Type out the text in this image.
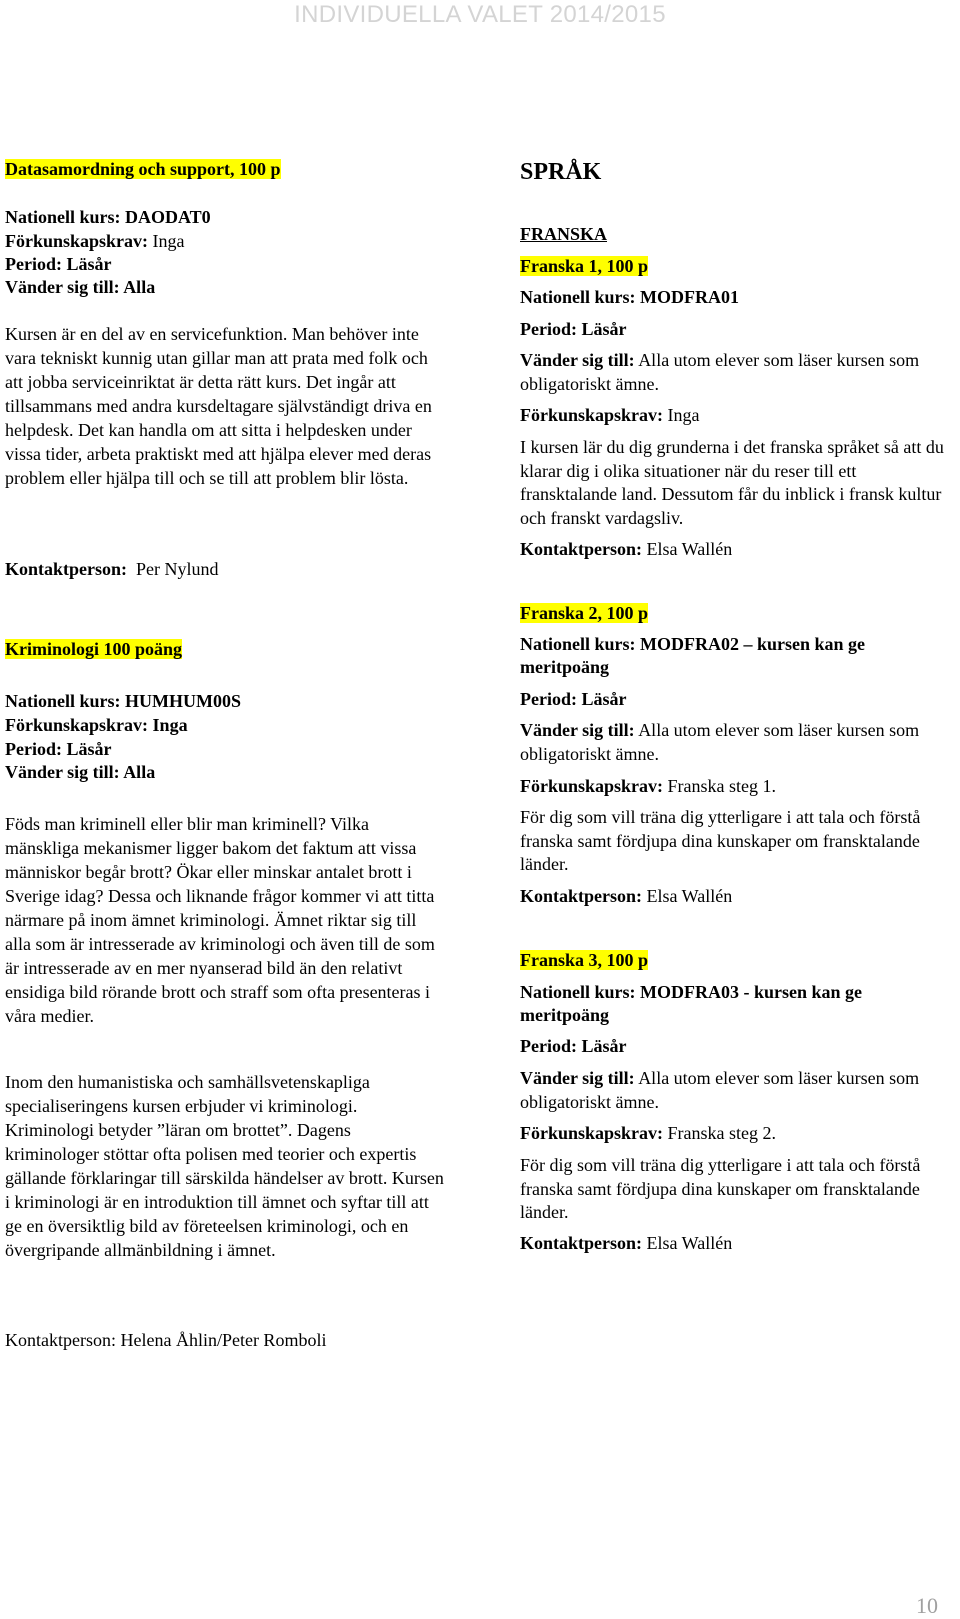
INDIVIDUELLA VALET 2014/2015
Datasamordning och support, 100 p
Nationell kurs: DAODAT0
Förkunskapskrav: Inga
Period: Läsår
Vänder sig till: Alla
Kursen är en del av en servicefunktion. Man behöver inte vara tekniskt kunnig utan gillar man att prata med folk och att jobba serviceinriktat är detta rätt kurs. Det ingår att tillsammans med andra kursdeltagare självständigt driva en helpdesk. Det kan handla om att sitta i helpdesken under vissa tider, arbeta praktiskt med att hjälpa elever med deras problem eller hjälpa till och se till att problem blir lösta.
Kontaktperson: Per Nylund
Kriminologi 100 poäng
Nationell kurs: HUMHUM00S
Förkunskapskrav: Inga
Period: Läsår
Vänder sig till: Alla
Föds man kriminell eller blir man kriminell? Vilka mänskliga mekanismer ligger bakom det faktum att vissa människor begår brott? Ökar eller minskar antalet brott i Sverige idag? Dessa och liknande frågor kommer vi att titta närmare på inom ämnet kriminologi. Ämnet riktar sig till alla som är intresserade av kriminologi och även till de som är intresserade av en mer nyanserad bild än den relativt ensidiga bild rörande brott och straff som ofta presenteras i våra medier.
Inom den humanistiska och samhällsvetenskapliga specialiseringens kursen erbjuder vi kriminologi. Kriminologi betyder ”läran om brottet”. Dagens kriminologer stöttar ofta polisen med teorier och expertis gällande förklaringar till särskilda händelser av brott. Kursen i kriminologi är en introduktion till ämnet och syftar till att ge en översiktlig bild av företeelsen kriminologi, och en övergripande allmänbildning i ämnet.
Kontaktperson: Helena Åhlin/Peter Romboli
SPRÅK
FRANSKA
Franska 1, 100 p
Nationell kurs: MODFRA01
Period: Läsår
Vänder sig till: Alla utom elever som läser kursen som obligatoriskt ämne.
Förkunskapskrav: Inga
I kursen lär du dig grunderna i det franska språket så att du klarar dig i olika situationer när du reser till ett fransktalande land. Dessutom får du inblick i fransk kultur och franskt vardagsliv.
Kontaktperson: Elsa Wallén
Franska 2, 100 p
Nationell kurs: MODFRA02 – kursen kan ge
meritpoäng
Period: Läsår
Vänder sig till: Alla utom elever som läser kursen som obligatoriskt ämne.
Förkunskapskrav: Franska steg 1.
För dig som vill träna dig ytterligare i att tala och förstå franska samt fördjupa dina kunskaper om fransktalande länder.
Kontaktperson: Elsa Wallén
Franska 3, 100 p
Nationell kurs: MODFRA03 - kursen kan ge
meritpoäng
Period: Läsår
Vänder sig till: Alla utom elever som läser kursen som obligatoriskt ämne.
Förkunskapskrav: Franska steg 2.
För dig som vill träna dig ytterligare i att tala och förstå franska samt fördjupa dina kunskaper om fransktalande länder.
Kontaktperson: Elsa Wallén
10
